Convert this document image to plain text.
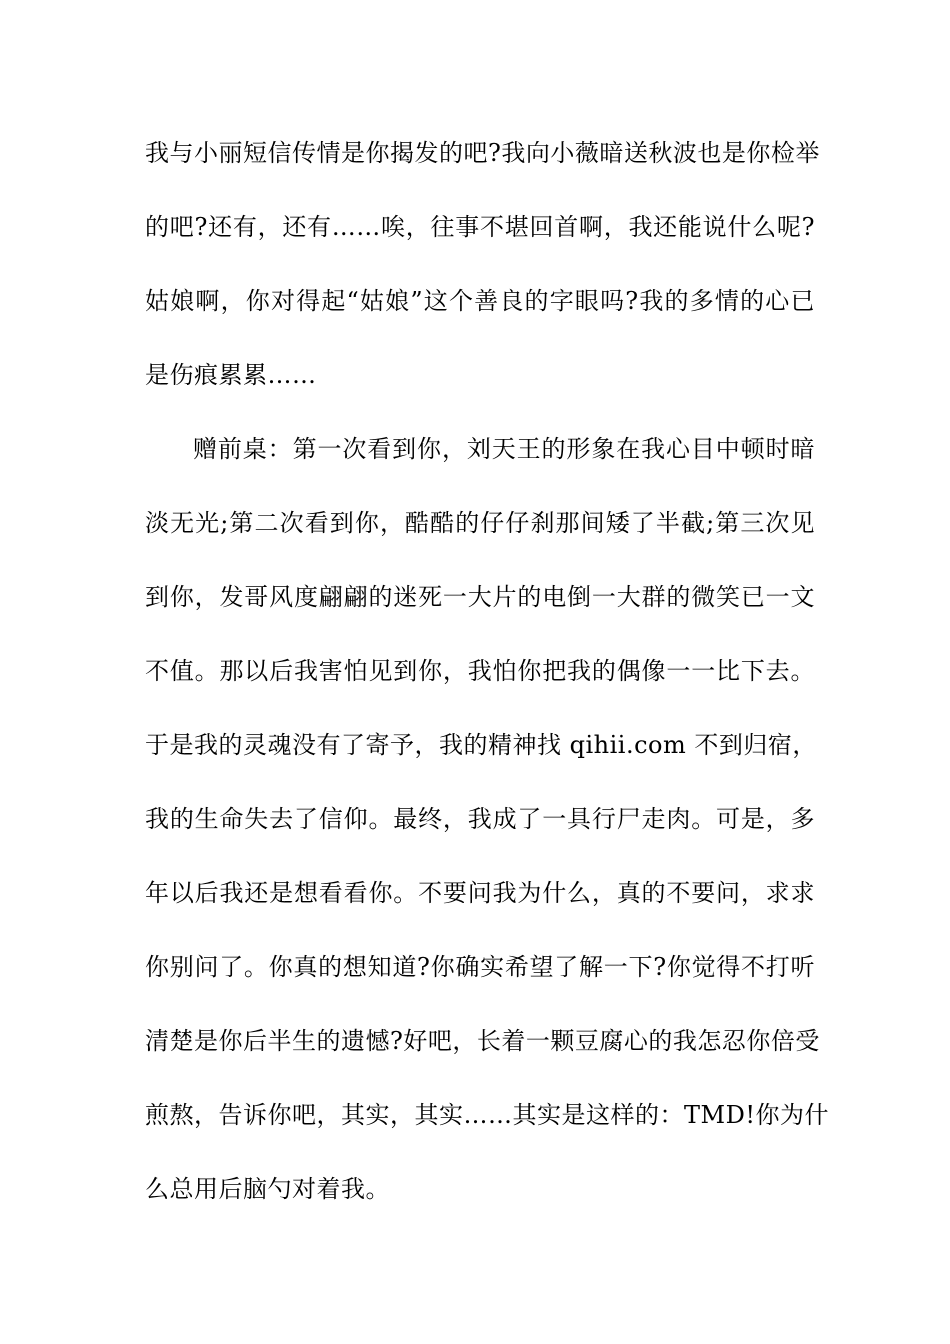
我与小丽短信传情是你揭发的吧?我向小薇暗送秋波也是你检举
的吧?还有，还有……唉，往事不堪回首啊，我还能说什么呢?
姑娘啊，你对得起“姑娘”这个善良的字眼吗?我的多情的心已
是伤痕累累……
赠前桌：第一次看到你，刘天王的形象在我心目中顿时暗
淡无光;第二次看到你，酷酷的仔仔刹那间矮了半截;第三次见
到你，发哥风度翩翩的迷死一大片的电倒一大群的微笑已一文
不值。那以后我害怕见到你，我怕你把我的偶像一一比下去。
于是我的灵魂没有了寄予，我的精神找 qihii.com 不到归宿，
我的生命失去了信仰。最终，我成了一具行尸走肉。可是，多
年以后我还是想看看你。不要问我为什么，真的不要问，求求
你别问了。你真的想知道?你确实希望了解一下?你觉得不打听
清楚是你后半生的遗憾?好吧，长着一颗豆腐心的我怎忍你倍受
煎熬，告诉你吧，其实，其实……其实是这样的：TMD!你为什
么总用后脑勺对着我。
